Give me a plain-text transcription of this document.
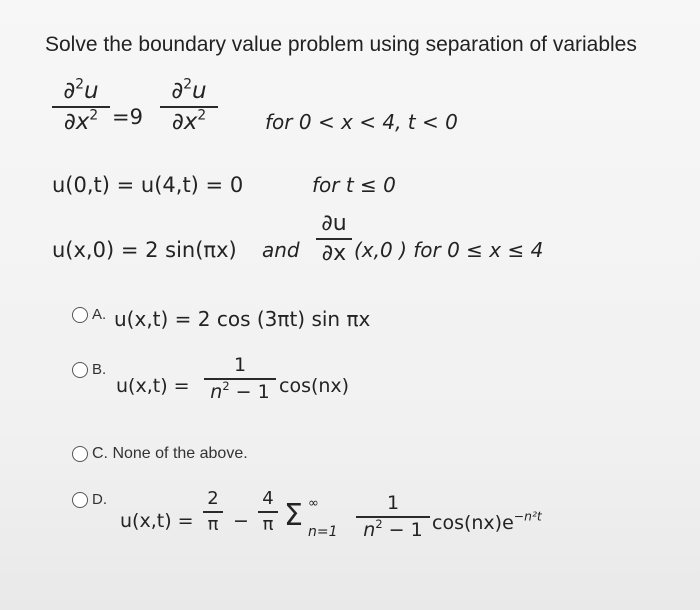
Solve the boundary value problem using separation of variables
∂$^2$u
$\partial x^2 =9$
∂$^2$u
$\partial x^2$	for 0 < x < 4, t < 0
u(0,t) = u(4,t) = 0	for t ≤ 0
u(x,0) = 2 sin(πx) and
∂u
∂x (x,0 ) for 0 ≤ x ≤ 4
A. u(x,t) = 2 cos (3πt) sin πx
B.
u(x,t) =
1
$n^2 - 1$ cos(nx)
C. None of the above.
D.
u(x,t) =
2
π −
4
π Σ ∞
n=1
1
$n^2 - 1$ $\cos(nx)e^{-n^2t}$
